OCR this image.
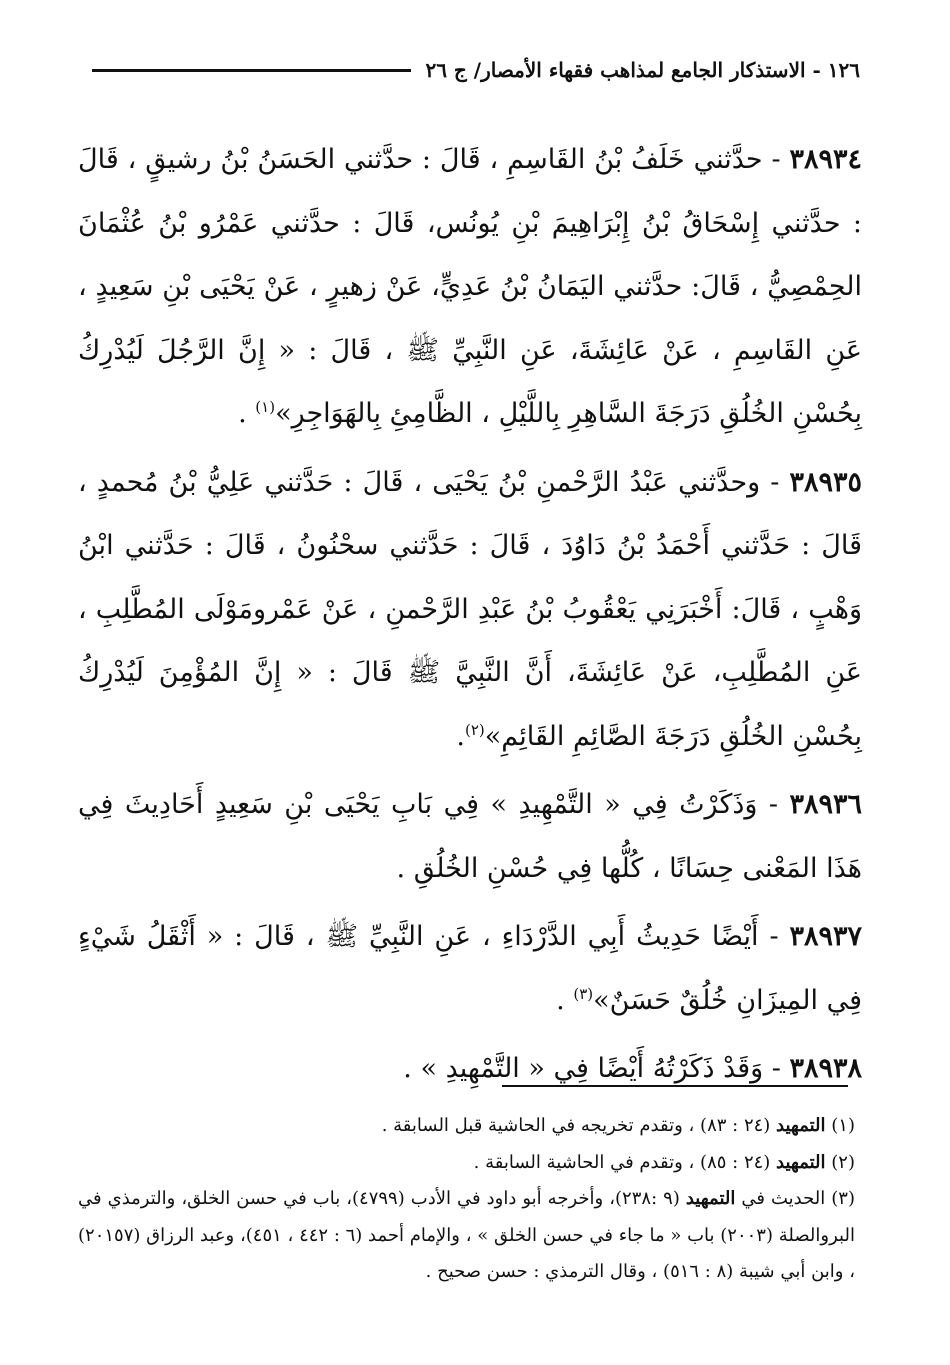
١٢٦ - الاستذكار الجامع لمذاهب فقهاء الأمصار/ ج ٢٦

٣٨٩٣٤ - حدَّثني خَلَفُ بْنُ القَاسِمِ ، قَالَ : حدَّثني الحَسَنُ بْنُ رشيقٍ ، قَالَ : حدَّثني إِسْحَاقُ بْنُ إِبْرَاهِيمَ بْنِ يُونُس، قَالَ : حدَّثني عَمْرُو بْنُ عُثْمَانَ الحِمْصِيُّ ، قَالَ: حدَّثني اليَمَانُ بْنُ عَدِيٍّ، عَنْ زهيرٍ ، عَنْ يَحْيَى بْنِ سَعِيدٍ ، عَنِ القَاسِمِ ، عَنْ عَائِشَةَ، عَنِ النَّبِيِّ ﷺ ، قَالَ : « إِنَّ الرَّجُلَ لَيُدْرِكُ بِحُسْنِ الخُلُقِ دَرَجَةَ السَّاهِرِ بِاللَّيْلِ ، الظَّامِئِ بِالهَوَاجِرِ»$^{(١)}$ .

٣٨٩٣٥ - وحدَّثني عَبْدُ الرَّحْمنِ بْنُ يَحْيَى ، قَالَ : حَدَّثني عَلِيُّ بْنُ مُحمدٍ ، قَالَ : حَدَّثني أَحْمَدُ بْنُ دَاوُدَ ، قَالَ : حَدَّثني سحْنُونُ ، قَالَ : حَدَّثني ابْنُ وَهْبٍ ، قَالَ: أَخْبَرَنِي يَعْقُوبُ بْنُ عَبْدِ الرَّحْمنِ ، عَنْ عَمْرومَوْلَى المُطَّلِبِ ، عَنِ المُطَّلِبِ، عَنْ عَائِشَةَ، أَنَّ النَّبِيَّ ﷺ قَالَ : « إِنَّ المُؤْمِنَ لَيُدْرِكُ بِحُسْنِ الخُلُقِ دَرَجَةَ الصَّائِمِ القَائِمِ»$^{(٢)}$.

٣٨٩٣٦ - وَذَكَرْتُ فِي « التَّمْهِيدِ » فِي بَابِ يَحْيَى بْنِ سَعِيدٍ أَحَادِيثَ فِي هَذَا المَعْنى حِسَانًا ، كُلُّها فِي حُسْنِ الخُلُقِ .

٣٨٩٣٧ - أَيْضًا حَدِيثُ أَبِي الدَّرْدَاءِ ، عَنِ النَّبِيِّ ﷺ ، قَالَ : « أَثْقَلُ شَيْءٍ فِي المِيزَانِ خُلُقٌ حَسَنٌ»$^{(٣)}$ .

٣٨٩٣٨ - وَقَدْ ذَكَرْتُهُ أَيْضًا فِي « التَّمْهِيدِ » .

(١) التمهيد (٢٤ : ٨٣) ، وتقدم تخريجه في الحاشية قبل السابقة .

(٢) التمهيد (٢٤ : ٨٥) ، وتقدم في الحاشية السابقة .

(٣) الحديث في التمهيد (٩ :٢٣٨)، وأخرجه أبو داود في الأدب (٤٧٩٩)، باب في حسن الخلق، والترمذي في البروالصلة (٢٠٠٣) باب « ما جاء في حسن الخلق » ، والإمام أحمد (٦ : ٤٤٢ ، ٤٥١)، وعبد الرزاق (٢٠١٥٧) ، وابن أبي شيبة (٨ : ٥١٦) ، وقال الترمذي : حسن صحيح .
